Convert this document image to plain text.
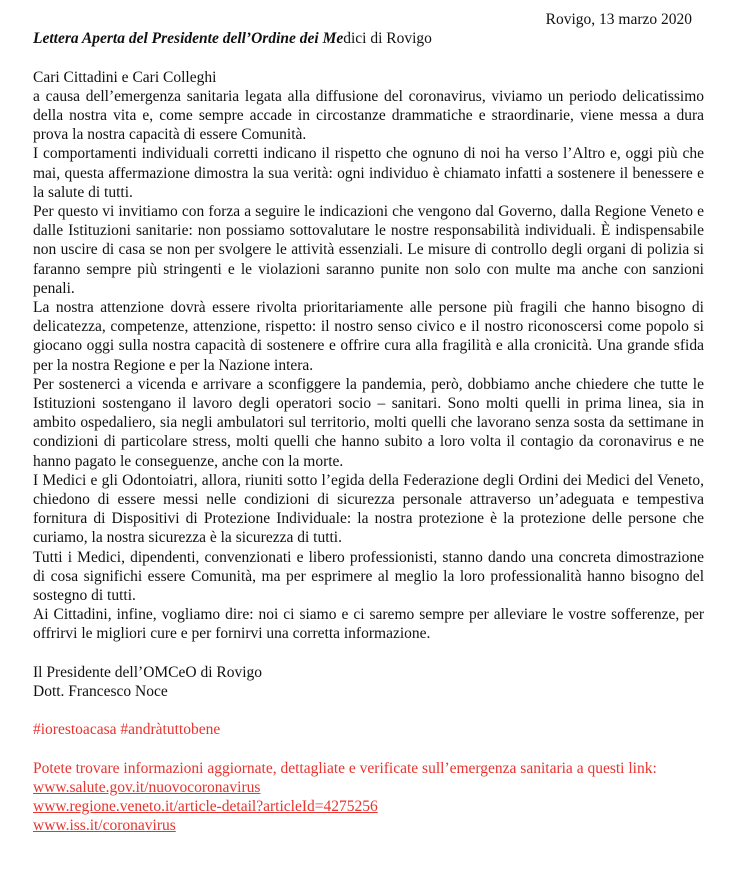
Rovigo, 13 marzo 2020

Lettera Aperta del Presidente dell’Ordine dei Medici di Rovigo

Cari Cittadini e Cari Colleghi

a causa dell’emergenza sanitaria legata alla diffusione del coronavirus, viviamo un periodo delicatissimo della nostra vita e, come sempre accade in circostanze drammatiche e straordinarie, viene messa a dura prova la nostra capacità di essere Comunità.

I comportamenti individuali corretti indicano il rispetto che ognuno di noi ha verso l’Altro e, oggi più che mai, questa affermazione dimostra la sua verità: ogni individuo è chiamato infatti a sostenere il benessere e la salute di tutti.

Per questo vi invitiamo con forza a seguire le indicazioni che vengono dal Governo, dalla Regione Veneto e dalle Istituzioni sanitarie: non possiamo sottovalutare le nostre responsabilità individuali. È indispensabile non uscire di casa se non per svolgere le attività essenziali. Le misure di controllo degli organi di polizia si faranno sempre più stringenti e le violazioni saranno punite non solo con multe ma anche con sanzioni penali.

La nostra attenzione dovrà essere rivolta prioritariamente alle persone più fragili che hanno bisogno di delicatezza, competenze, attenzione, rispetto: il nostro senso civico e il nostro riconoscersi come popolo si giocano oggi sulla nostra capacità di sostenere e offrire cura alla fragilità e alla cronicità. Una grande sfida per la nostra Regione e per la Nazione intera.

Per sostenerci a vicenda e arrivare a sconfiggere la pandemia, però, dobbiamo anche chiedere che tutte le Istituzioni sostengano il lavoro degli operatori socio – sanitari. Sono molti quelli in prima linea, sia in ambito ospedaliero, sia negli ambulatori sul territorio, molti quelli che lavorano senza sosta da settimane in condizioni di particolare stress, molti quelli che hanno subito a loro volta il contagio da coronavirus e ne hanno pagato le conseguenze, anche con la morte.

I Medici e gli Odontoiatri, allora, riuniti sotto l’egida della Federazione degli Ordini dei Medici del Veneto, chiedono di essere messi nelle condizioni di sicurezza personale attraverso un’adeguata e tempestiva fornitura di Dispositivi di Protezione Individuale: la nostra protezione è la protezione delle persone che curiamo, la nostra sicurezza è la sicurezza di tutti.

Tutti i Medici, dipendenti, convenzionati e libero professionisti, stanno dando una concreta dimostrazione di cosa significhi essere Comunità, ma per esprimere al meglio la loro professionalità hanno bisogno del sostegno di tutti.

Ai Cittadini, infine, vogliamo dire: noi ci siamo e ci saremo sempre per alleviare le vostre sofferenze, per offrirvi le migliori cure e per fornirvi una corretta informazione.

Il Presidente dell’OMCeO di Rovigo

Dott. Francesco Noce

#iorestoacasa #andràtuttobene

Potete trovare informazioni aggiornate, dettagliate e verificate sull’emergenza sanitaria a questi link:

www.salute.gov.it/nuovocoronavirus
www.regione.veneto.it/article-detail?articleId=4275256
www.iss.it/coronavirus
